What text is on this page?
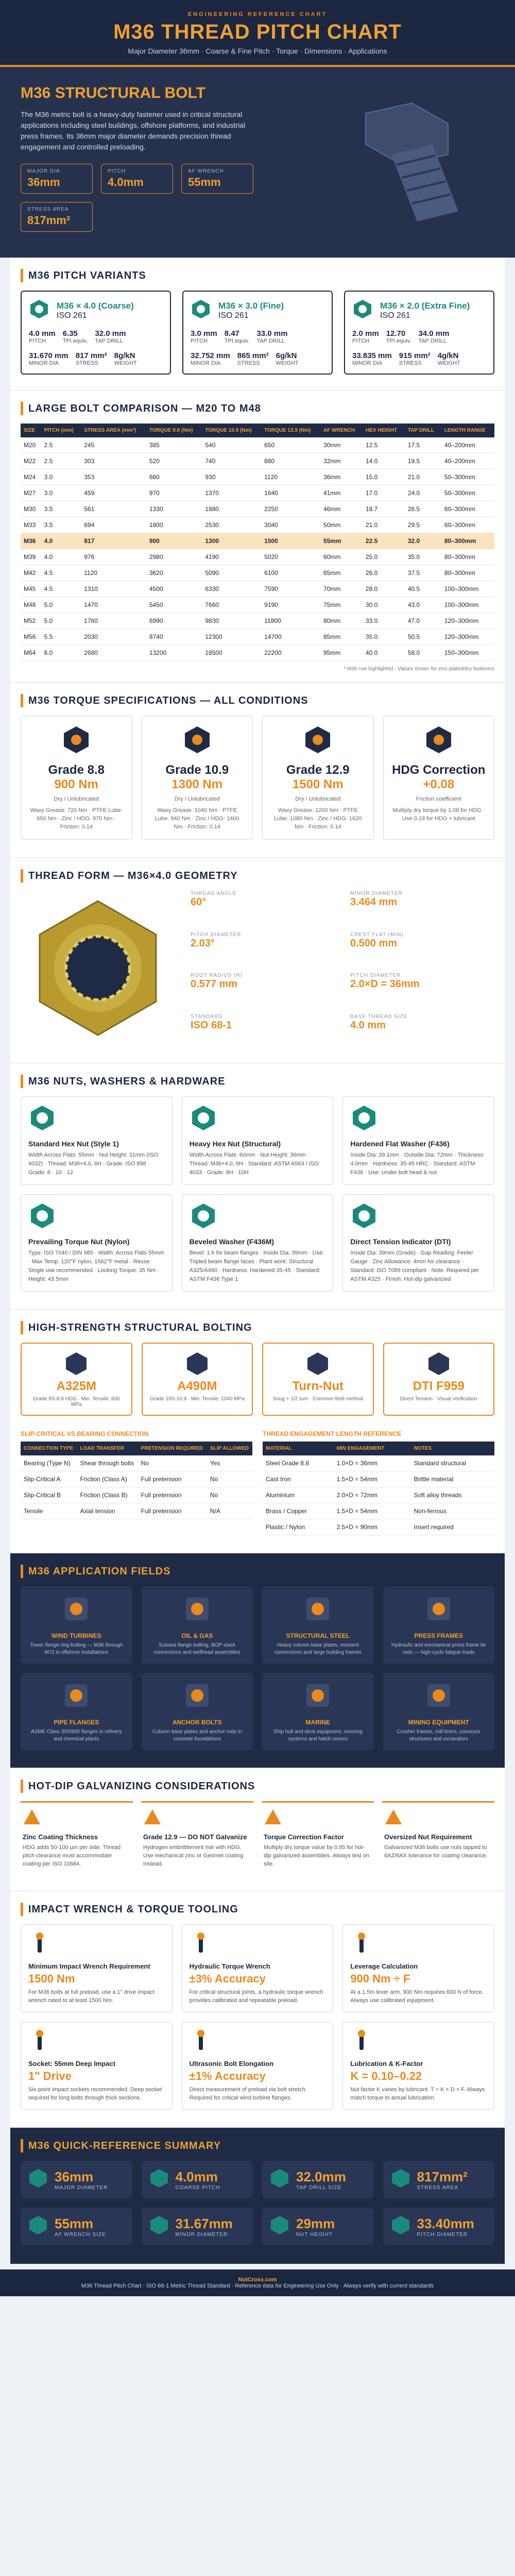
ENGINEERING REFERENCE CHART
M36 THREAD PITCH CHART
Major Diameter 36mm · Coarse & Fine Pitch · Torque · Dimensions · Applications
M36 STRUCTURAL BOLT

The M36 metric bolt is a heavy-duty fastener used in critical structural applications including steel buildings, offshore platforms, and industrial press frames. Its 36mm major diameter demands precision thread engagement and controlled preloading.

MAJOR DIA
36mm
PITCH
4.0mm
AF WRENCH
55mm
STRESS AREA
817mm²
M36 PITCH VARIANTS
M36 × 4.0 (Coarse)
ISO 261
4.0 mm
PITCH
6.35
TPI equiv.
32.0 mm
TAP DRILL
31.670 mm
MINOR DIA
817 mm²
STRESS
8g/kN
WEIGHT
M36 × 3.0 (Fine)
ISO 261
3.0 mm
PITCH
8.47
TPI equiv.
33.0 mm
TAP DRILL
32.752 mm
MINOR DIA
865 mm²
STRESS
6g/kN
WEIGHT
M36 × 2.0 (Extra Fine)
ISO 261
2.0 mm
PITCH
12.70
TPI equiv.
34.0 mm
TAP DRILL
33.835 mm
MINOR DIA
915 mm²
STRESS
4g/kN
WEIGHT
LARGE BOLT COMPARISON — M20 TO M48
SIZE	PITCH (mm)	STRESS AREA (mm²)	TORQUE 8.8 (Nm)	TORQUE 10.9 (Nm)	TORQUE 12.9 (Nm)	AF WRENCH	HEX HEIGHT	TAP DRILL	LENGTH RANGE
M20	2.5	245	385	540	650	30mm	12.5	17.5	40–200mm
M22	2.5	303	520	740	880	32mm	14.0	19.5	40–200mm
M24	3.0	353	660	930	1120	36mm	15.0	21.0	50–300mm
M27	3.0	459	970	1370	1640	41mm	17.0	24.0	50–300mm
M30	3.5	561	1330	1880	2250	46mm	18.7	26.5	60–300mm
M33	3.5	694	1800	2530	3040	50mm	21.0	29.5	60–300mm
M36	4.0	817	900	1300	1500	55mm	22.5	32.0	80–300mm
M39	4.0	976	2980	4190	5020	60mm	25.0	35.0	80–300mm
M42	4.5	1120	3620	5090	6100	65mm	26.0	37.5	80–300mm
M45	4.5	1310	4500	6330	7590	70mm	28.0	40.5	100–300mm
M48	5.0	1470	5450	7660	9190	75mm	30.0	43.0	100–300mm
M52	5.0	1760	6990	9830	11800	80mm	33.0	47.0	120–300mm
M56	5.5	2030	8740	12300	14700	85mm	35.0	50.5	120–300mm
M64	6.0	2680	13200	18500	22200	95mm	40.0	58.0	150–300mm
* M36 row highlighted · Values shown for zinc-plated/dry fasteners
M36 TORQUE SPECIFICATIONS — ALL CONDITIONS
Grade 8.8
900 Nm
Dry / Unlubricated
Waxy Grease: 720 Nm · PTFE Lube: 650 Nm · Zinc / HDG: 970 Nm · Friction: 0.14
Grade 10.9
1300 Nm
Dry / Unlubricated
Waxy Grease: 1040 Nm · PTFE Lube: 940 Nm · Zinc / HDG: 1400 Nm · Friction: 0.14
Grade 12.9
1500 Nm
Dry / Unlubricated
Waxy Grease: 1200 Nm · PTFE Lube: 1080 Nm · Zinc / HDG: 1620 Nm · Friction: 0.14
HDG Correction
+0.08
Friction coefficient
Multiply dry torque by 1.08 for HDG · Use 0.19 for HDG + lubricant
THREAD FORM — M36×4.0 GEOMETRY
THREAD ANGLE
60°
MINOR DIAMETER
3.464 mm
PITCH DIAMETER
2.03°
CREST FLAT (MIN)
0.500 mm
ROOT RADIUS (R)
0.577 mm
PITCH DIAMETER
2.0×D = 36mm
STANDARD
ISO 68-1
BASE THREAD SIZE
4.0 mm
M36 NUTS, WASHERS & HARDWARE
Standard Hex Nut (Style 1)
Width Across Flats: 55mm · Nut Height: 31mm (ISO 4032) · Thread: M36×4.0, 6H · Grade: ISO 898 · Grade: 8 · 10 · 12
Heavy Hex Nut (Structural)
Width Across Flats: 60mm · Nut Height: 36mm · Thread: M36×4.0, 6H · Standard: ASTM A563 / ISO 4033 · Grade: 8H · 10H
Hardened Flat Washer (F436)
Inside Dia: 39.1mm · Outside Dia: 72mm · Thickness: 4.0mm · Hardness: 35-45 HRC · Standard: ASTM F436 · Use: Under bolt head & nut
Prevailing Torque Nut (Nylon)
Type: ISO 7040 / DIN 985 · Width: Across Flats 55mm · Max Temp: 120°F nylon, 1562°F metal · Reuse: Single use recommended · Locking Torque: 35 Nm · Height: 43.5mm
Beveled Washer (F436M)
Bevel: 1:6 for beam flanges · Inside Dia: 39mm · Use: Tripled beam flange faces · Plant work: Structural A325/A490 · Hardness: Hardened 35-45 · Standard: ASTM F436 Type 1
Direct Tension Indicator (DTI)
Inside Dia: 39mm (Grade) · Gap Reading: Feeler Gauge · Zinc Allowance: 4mm for clearance · Standard: ISO 7089 compliant · Note: Required per ASTM A325 · Finish: Hot-dip galvanized
HIGH-STRENGTH STRUCTURAL BOLTING
A325M
Grade 8S-8.8 HDG · Min. Tensile: 830 MPa
A490M
Grade 10S-10.9 · Min. Tensile: 1040 MPa
Turn-Nut
Snug + 1/2 turn · Common field method
DTI F959
Direct Tension · Visual verification
SLIP-CRITICAL VS BEARING CONNECTION
CONNECTION TYPE	LOAD TRANSFER	PRETENSION REQUIRED	SLIP ALLOWED
Bearing (Type N)	Shear through bolts	No	Yes
Slip-Critical A	Friction (Class A)	Full pretension	No
Slip-Critical B	Friction (Class B)	Full pretension	No
Tensile	Axial tension	Full pretension	N/A
THREAD ENGAGEMENT LENGTH REFERENCE
MATERIAL	MIN ENGAGEMENT	NOTES
Steel Grade 8.8	1.0×D = 36mm	Standard structural
Cast Iron	1.5×D = 54mm	Brittle material
Aluminium	2.0×D = 72mm	Soft alloy threads
Brass / Copper	1.5×D = 54mm	Non-ferrous
Plastic / Nylon	2.5×D = 90mm	Insert required
M36 APPLICATION FIELDS
WIND TURBINES
Tower flange ring bolting — M36 through M72 in offshore installations
OIL & GAS
Subsea flange bolting, BOP stack connections and wellhead assemblies
STRUCTURAL STEEL
Heavy column base plates, moment connections and large building frames
PRESS FRAMES
Hydraulic and mechanical press frame tie rods — high-cycle fatigue loads
PIPE FLANGES
ASME Class 300/600 flanges in refinery and chemical plants
ANCHOR BOLTS
Column base plates and anchor rods in concrete foundations
MARINE
Ship hull and deck equipment, mooring systems and hatch covers
MINING EQUIPMENT
Crusher frames, mill liners, conveyor structures and excavators
HOT-DIP GALVANIZING CONSIDERATIONS
Zinc Coating Thickness
HDG adds 50-100 µm per side. Thread pitch clearance must accommodate coating per ISO 10684.
Grade 12.9 — DO NOT Galvanize
Hydrogen embrittlement risk with HDG. Use mechanical zinc or Geomet coating instead.
Torque Correction Factor
Multiply dry torque value by 0.95 for hot-dip galvanized assemblies. Always test on site.
Oversized Nut Requirement
Galvanized M36 bolts use nuts tapped to 6AZ/6AX tolerance for coating clearance.
IMPACT WRENCH & TORQUE TOOLING
Minimum Impact Wrench Requirement
1500 Nm
For M36 bolts at full preload, use a 1" drive impact wrench rated to at least 1500 Nm.
Hydraulic Torque Wrench
±3% Accuracy
For critical structural joints, a hydraulic torque wrench provides calibrated and repeatable preload.
Leverage Calculation
900 Nm ÷ F
At a 1.5m lever arm, 900 Nm requires 600 N of force. Always use calibrated equipment.
Socket: 55mm Deep Impact
1" Drive
Six-point impact sockets recommended. Deep socket required for long bolts through thick sections.
Ultrasonic Bolt Elongation
±1% Accuracy
Direct measurement of preload via bolt stretch. Required for critical wind turbine flanges.
Lubrication & K-Factor
K = 0.10–0.22
Nut factor K varies by lubricant. T = K × D × F. Always match torque to actual lubrication.
M36 QUICK-REFERENCE SUMMARY
36mm
MAJOR DIAMETER
4.0mm
COARSE PITCH
32.0mm
TAP DRILL SIZE
817mm²
STRESS AREA
55mm
AF WRENCH SIZE
31.67mm
MINOR DIAMETER
29mm
NUT HEIGHT
33.40mm
PITCH DIAMETER
NutCross.com
M36 Thread Pitch Chart · ISO 68-1 Metric Thread Standard · Reference data for Engineering Use Only · Always verify with current standards
